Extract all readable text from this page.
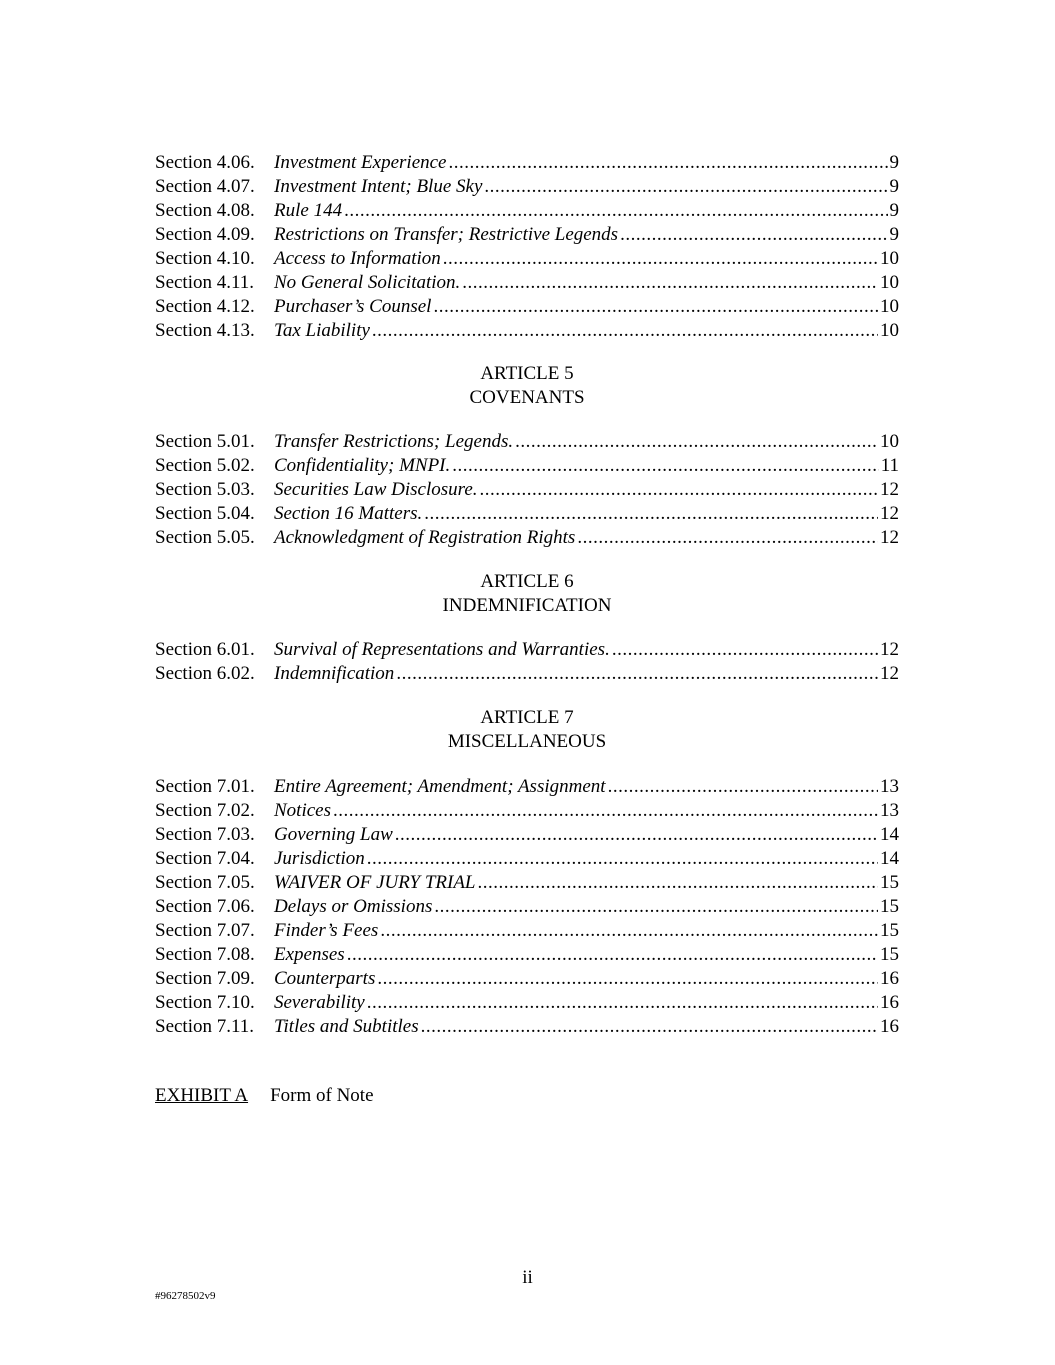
Section 4.06.	Investment Experience .....	9
Section 4.07.	Investment Intent; Blue Sky .....	9
Section 4.08.	Rule 144 .....	9
Section 4.09.	Restrictions on Transfer; Restrictive Legends .....	9
Section 4.10.	Access to Information .....	10
Section 4.11.	No General Solicitation. .....	10
Section 4.12.	Purchaser’s Counsel .....	10
Section 4.13.	Tax Liability .....	10
ARTICLE 5
COVENANTS
Section 5.01.	Transfer Restrictions; Legends. .....	10
Section 5.02.	Confidentiality; MNPI. .....	11
Section 5.03.	Securities Law Disclosure. .....	12
Section 5.04.	Section 16 Matters. .....	12
Section 5.05.	Acknowledgment of Registration Rights .....	12
ARTICLE 6
INDEMNIFICATION
Section 6.01.	Survival of Representations and Warranties. .....	12
Section 6.02.	Indemnification .....	12
ARTICLE 7
MISCELLANEOUS
Section 7.01.	Entire Agreement; Amendment; Assignment .....	13
Section 7.02.	Notices .....	13
Section 7.03.	Governing Law .....	14
Section 7.04.	Jurisdiction .....	14
Section 7.05.	WAIVER OF JURY TRIAL .....	15
Section 7.06.	Delays or Omissions .....	15
Section 7.07.	Finder’s Fees .....	15
Section 7.08.	Expenses .....	15
Section 7.09.	Counterparts .....	16
Section 7.10.	Severability .....	16
Section 7.11.	Titles and Subtitles .....	16
EXHIBIT A Form of Note
ii
#96278502v9
